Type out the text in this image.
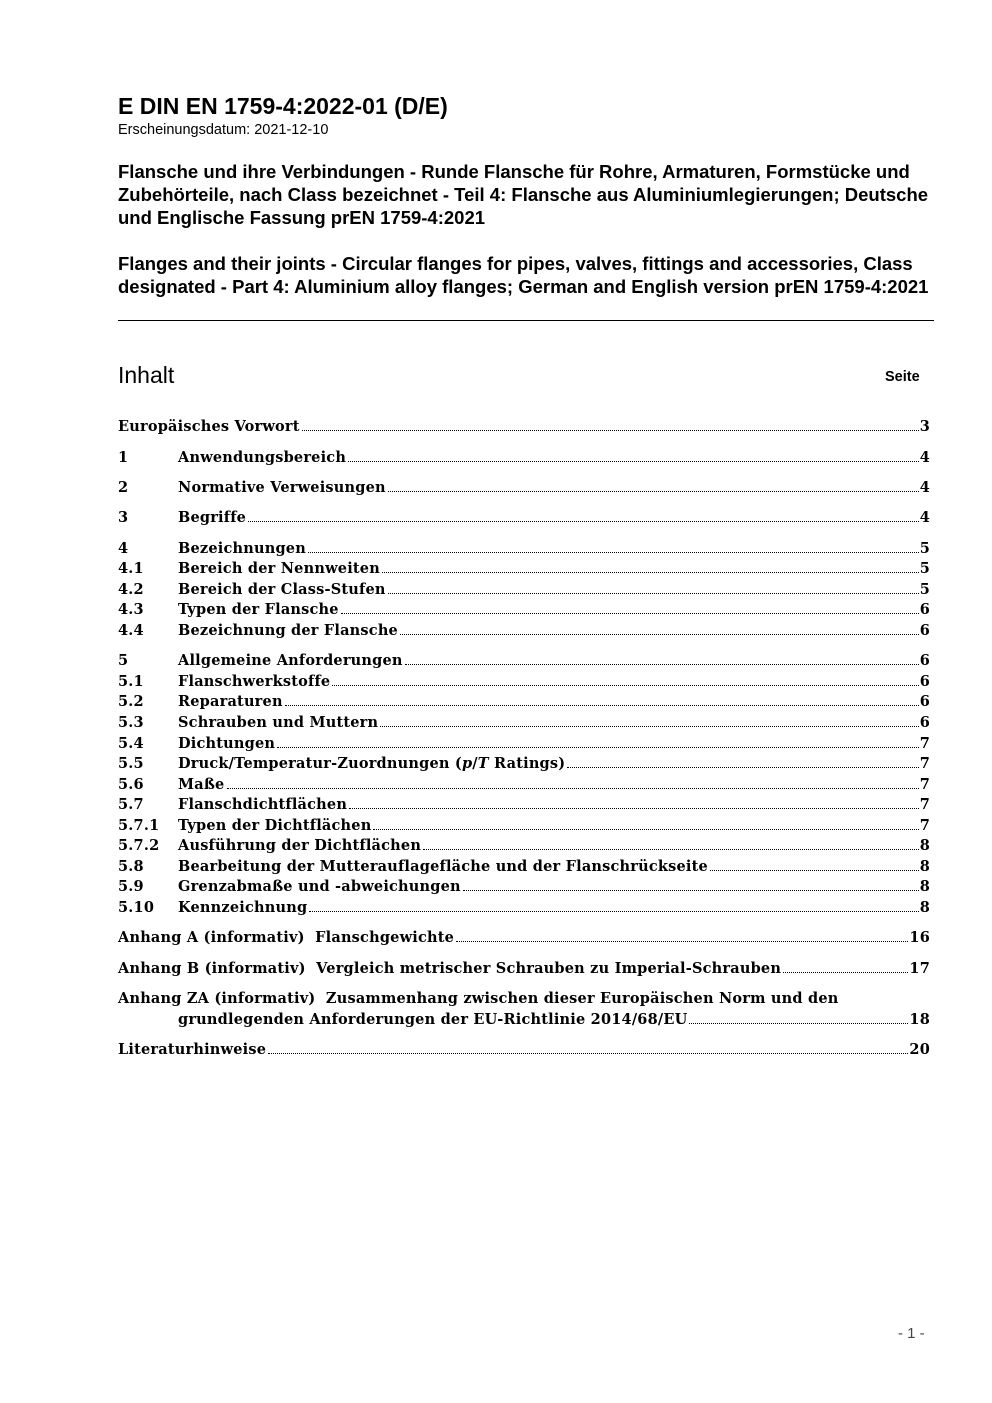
E DIN EN 1759-4:2022-01 (D/E)
Erscheinungsdatum: 2021-12-10

Flansche und ihre Verbindungen - Runde Flansche für Rohre, Armaturen, Formstücke und Zubehörteile, nach Class bezeichnet - Teil 4: Flansche aus Aluminiumlegierungen; Deutsche und Englische Fassung prEN 1759-4:2021

Flanges and their joints - Circular flanges for pipes, valves, fittings and accessories, Class designated - Part 4: Aluminium alloy flanges; German and English version prEN 1759-4:2021

Inhalt	Seite
Europäisches Vorwort	3
1	Anwendungsbereich	4
2	Normative Verweisungen	4
3	Begriffe	4
4	Bezeichnungen	5
4.1	Bereich der Nennweiten	5
4.2	Bereich der Class-Stufen	5
4.3	Typen der Flansche	6
4.4	Bezeichnung der Flansche	6
5	Allgemeine Anforderungen	6
5.1	Flanschwerkstoffe	6
5.2	Reparaturen	6
5.3	Schrauben und Muttern	6
5.4	Dichtungen	7
5.5	Druck/Temperatur-Zuordnungen (p/T Ratings)	7
5.6	Maße	7
5.7	Flanschdichtflächen	7
5.7.1	Typen der Dichtflächen	7
5.7.2	Ausführung der Dichtflächen	8
5.8	Bearbeitung der Mutterauflagefläche und der Flanschrückseite	8
5.9	Grenzabmaße und -abweichungen	8
5.10	Kennzeichnung	8
Anhang A (informativ)  Flanschgewichte	16
Anhang B (informativ)  Vergleich metrischer Schrauben zu Imperial-Schrauben	17
Anhang ZA (informativ)  Zusammenhang zwischen dieser Europäischen Norm und den
grundlegenden Anforderungen der EU-Richtlinie 2014/68/EU	18
Literaturhinweise	20
- 1 -
